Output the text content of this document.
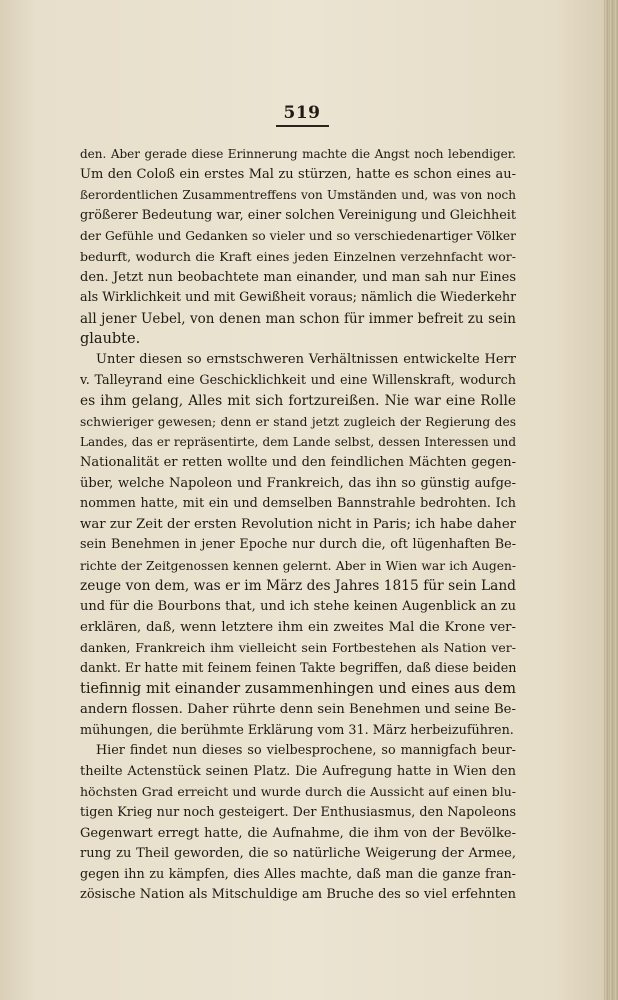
519
den. Aber gerade diese Erinnerung machte die Angst noch lebendiger.
Um den Coloß ein erstes Mal zu stürzen, hatte es schon eines au-
ßerordentlichen Zusammentreffens von Umständen und, was von noch
größerer Bedeutung war, einer solchen Vereinigung und Gleichheit
der Gefühle und Gedanken so vieler und so verschiedenartiger Völker
bedurft, wodurch die Kraft eines jeden Einzelnen verzehnfacht wor-
den. Jetzt nun beobachtete man einander, und man sah nur Eines
als Wirklichkeit und mit Gewißheit voraus; nämlich die Wiederkehr
all jener Uebel, von denen man schon für immer befreit zu sein
glaubte.
Unter diesen so ernstschweren Verhältnissen entwickelte Herr
v. Talleyrand eine Geschicklichkeit und eine Willenskraft, wodurch
es ihm gelang, Alles mit sich fortzureißen. Nie war eine Rolle
schwieriger gewesen; denn er stand jetzt zugleich der Regierung des
Landes, das er repräsentirte, dem Lande selbst, dessen Interessen und
Nationalität er retten wollte und den feindlichen Mächten gegen-
über, welche Napoleon und Frankreich, das ihn so günstig aufge-
nommen hatte, mit ein und demselben Bannstrahle bedrohten. Ich
war zur Zeit der ersten Revolution nicht in Paris; ich habe daher
sein Benehmen in jener Epoche nur durch die, oft lügenhaften Be-
richte der Zeitgenossen kennen gelernt. Aber in Wien war ich Augen-
zeuge von dem, was er im März des Jahres 1815 für sein Land
und für die Bourbons that, und ich stehe keinen Augenblick an zu
erklären, daß, wenn letztere ihm ein zweites Mal die Krone ver-
danken, Frankreich ihm vielleicht sein Fortbestehen als Nation ver-
dankt. Er hatte mit feinem feinen Takte begriffen, daß diese beiden
tiefinnig mit einander zusammenhingen und eines aus dem
andern flossen. Daher rührte denn sein Benehmen und seine Be-
mühungen, die berühmte Erklärung vom 31. März herbeizuführen.
Hier findet nun dieses so vielbesprochene, so mannigfach beur-
theilte Actenstück seinen Platz. Die Aufregung hatte in Wien den
höchsten Grad erreicht und wurde durch die Aussicht auf einen blu-
tigen Krieg nur noch gesteigert. Der Enthusiasmus, den Napoleons
Gegenwart erregt hatte, die Aufnahme, die ihm von der Bevölke-
rung zu Theil geworden, die so natürliche Weigerung der Armee,
gegen ihn zu kämpfen, dies Alles machte, daß man die ganze fran-
zösische Nation als Mitschuldige am Bruche des so viel erfehnten
